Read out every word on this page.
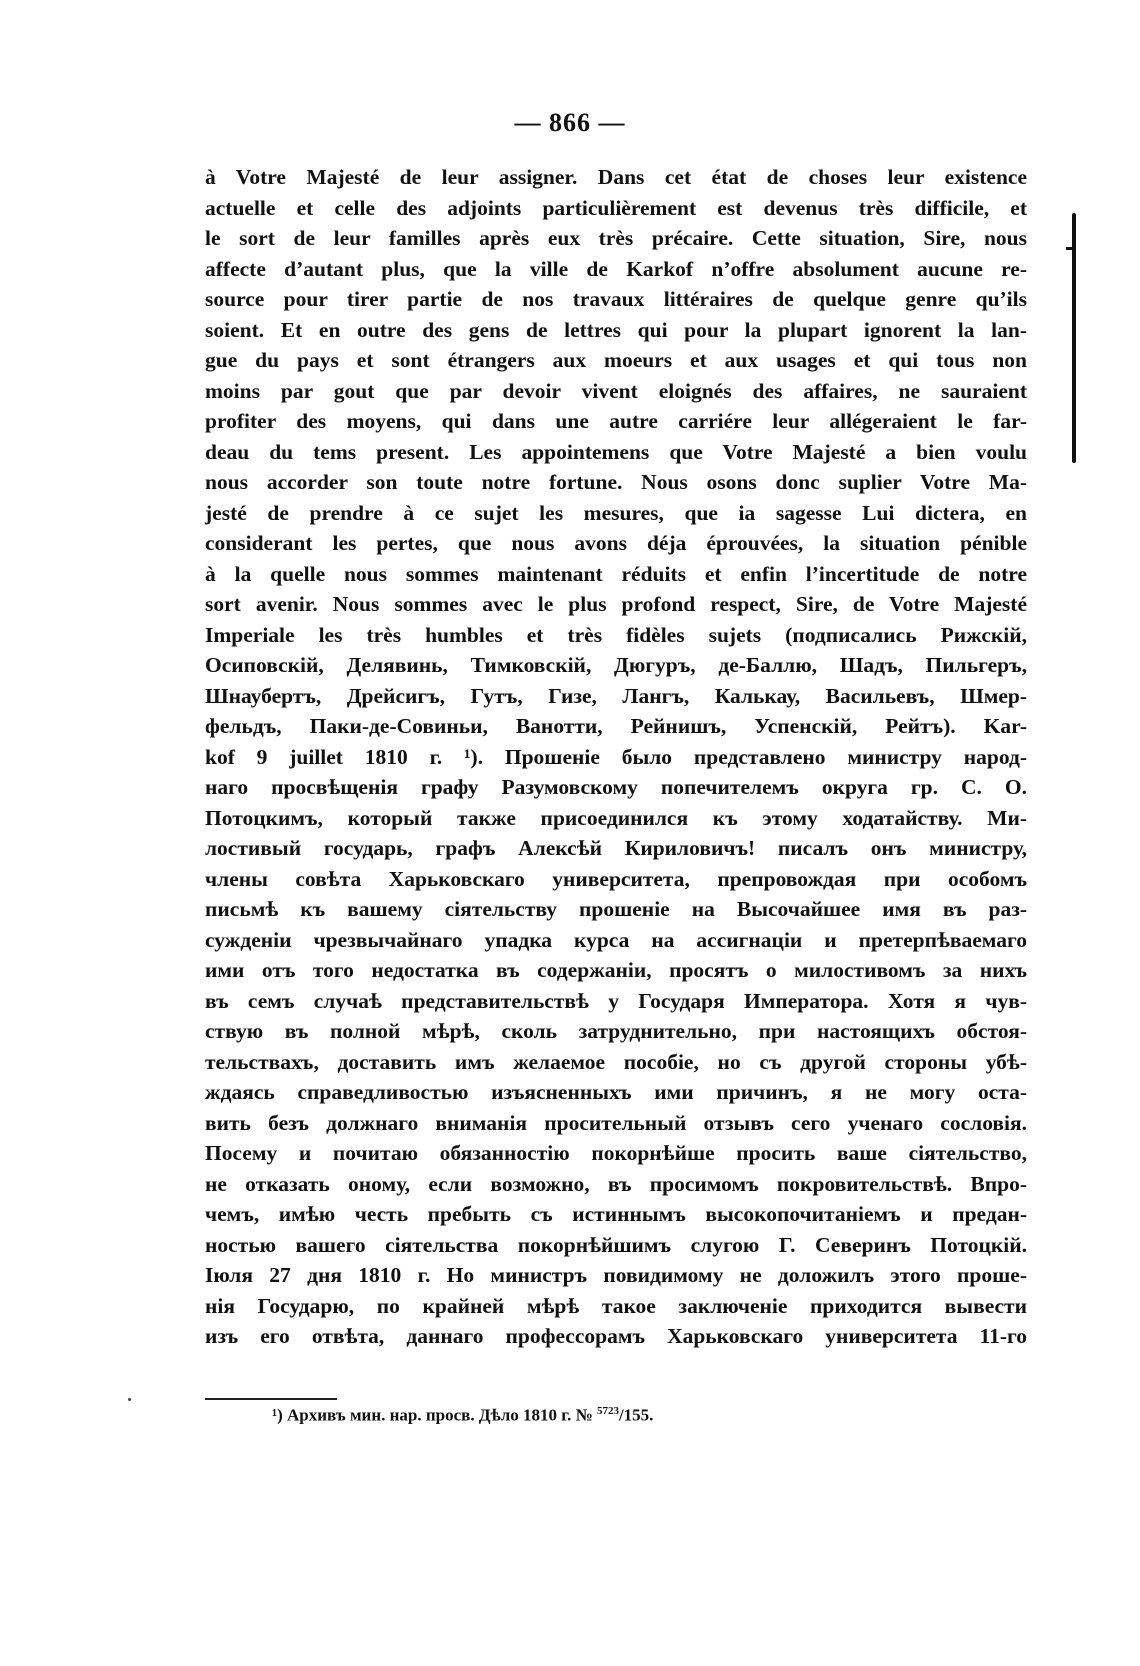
— 866 —
à Votre Majesté de leur assigner. Dans cet état de choses leur existence
actuelle et celle des adjoints particulièrement est devenus très difficile, et
le sort de leur familles après eux très précaire. Cette situation, Sire, nous
affecte d’autant plus, que la ville de Karkof n’offre absolument aucune re-
source pour tirer partie de nos travaux littéraires de quelque genre qu’ils
soient. Et en outre des gens de lettres qui pour la plupart ignorent la lan-
gue du pays et sont étrangers aux moeurs et aux usages et qui tous non
moins par gout que par devoir vivent eloignés des affaires, ne sauraient
profiter des moyens, qui dans une autre carriére leur allégeraient le far-
deau du tems present. Les appointemens que Votre Majesté a bien voulu
nous accorder son toute notre fortune. Nous osons donc suplier Votre Ma-
jesté de prendre à ce sujet les mesures, que ia sagesse Lui dictera, en
considerant les pertes, que nous avons déja éprouvées, la situation pénible
à la quelle nous sommes maintenant réduits et enfin l’incertitude de notre
sort avenir. Nous sommes avec le plus profond respect, Sire, de Votre Majesté
Imperiale les très humbles et très fidèles sujets (подписались Рижскій,
Осиповскій, Делявинь, Тимковскій, Дюгуръ, де-Баллю, Шадъ, Пильгеръ,
Шнаубертъ, Дрейсигъ, Гутъ, Гизе, Лангъ, Калькау, Васильевъ, Шмер-
фельдъ, Паки-де-Совиньи, Ванотти, Рейнишъ, Успенскій, Рейтъ). Kar-
kof 9 juillet 1810 г. ¹). Прошеніе было представлено министру народ-
наго просвѣщенія графу Разумовскому попечителемъ округа гр. С. О.
Потоцкимъ, который также присоединился къ этому ходатайству. Ми-
лостивый государь, графъ Алексѣй Кириловичъ! писалъ онъ министру,
члены совѣта Харьковскаго университета, препровождая при особомъ
письмѣ къ вашему сіятельству прошеніе на Высочайшее имя въ раз-
сужденіи чрезвычайнаго упадка курса на ассигнаціи и претерпѣваемаго
ими отъ того недостатка въ содержаніи, просятъ о милостивомъ за нихъ
въ семъ случаѣ представительствѣ у Государя Императора. Хотя я чув-
ствую въ полной мѣрѣ, сколь затруднительно, при настоящихъ обстоя-
тельствахъ, доставить имъ желаемое пособіе, но съ другой стороны убѣ-
ждаясь справедливостью изъясненныхъ ими причинъ, я не могу оста-
вить безъ должнаго вниманія просительный отзывъ сего ученаго сословія.
Посему и почитаю обязанностію покорнѣйше просить ваше сіятельство,
не отказать оному, если возможно, въ просимомъ покровительствѣ. Впро-
чемъ, имѣю честь пребыть съ истиннымъ высокопочитаніемъ и предан-
ностью вашего сіятельства покорнѣйшимъ слугою Г. Северинъ Потоцкій.
Іюля 27 дня 1810 г. Но министръ повидимому не доложилъ этого проше-
нія Государю, по крайней мѣрѣ такое заключеніе приходится вывести
изъ его отвѣта, даннаго профессорамъ Харьковскаго университета 11-го
¹) Архивъ мин. нар. просв. Дѣло 1810 г. № $^{5723}$/155.
